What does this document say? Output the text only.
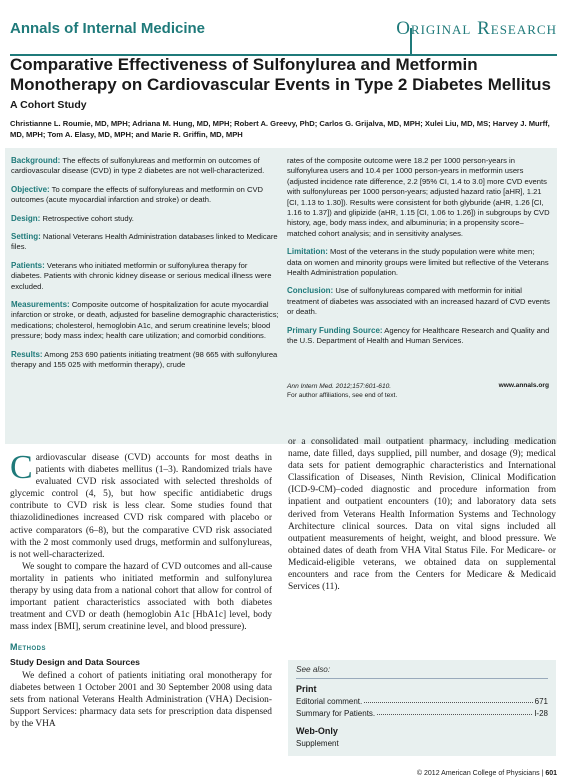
Annals of Internal Medicine	Original Research
Comparative Effectiveness of Sulfonylurea and Metformin Monotherapy on Cardiovascular Events in Type 2 Diabetes Mellitus
A Cohort Study
Christianne L. Roumie, MD, MPH; Adriana M. Hung, MD, MPH; Robert A. Greevy, PhD; Carlos G. Grijalva, MD, MPH; Xulei Liu, MD, MS; Harvey J. Murff, MD, MPH; Tom A. Elasy, MD, MPH; and Marie R. Griffin, MD, MPH

Background: The effects of sulfonylureas and metformin on outcomes of cardiovascular disease (CVD) in type 2 diabetes are not well-characterized.

Objective: To compare the effects of sulfonylureas and metformin on CVD outcomes (acute myocardial infarction and stroke) or death.

Design: Retrospective cohort study.

Setting: National Veterans Health Administration databases linked to Medicare files.

Patients: Veterans who initiated metformin or sulfonylurea therapy for diabetes. Patients with chronic kidney disease or serious medical illness were excluded.

Measurements: Composite outcome of hospitalization for acute myocardial infarction or stroke, or death, adjusted for baseline demographic characteristics; medications; cholesterol, hemoglobin A1c, and serum creatinine levels; blood pressure; body mass index; health care utilization; and comorbid conditions.

Results: Among 253 690 patients initiating treatment (98 665 with sulfonylurea therapy and 155 025 with metformin therapy), crude

rates of the composite outcome were 18.2 per 1000 person-years in sulfonylurea users and 10.4 per 1000 person-years in metformin users (adjusted incidence rate difference, 2.2 [95% CI, 1.4 to 3.0] more CVD events with sulfonylureas per 1000 person-years; adjusted hazard ratio [aHR], 1.21 [CI, 1.13 to 1.30]). Results were consistent for both glyburide (aHR, 1.26 [CI, 1.16 to 1.37]) and glipizide (aHR, 1.15 [CI, 1.06 to 1.26]) in subgroups by CVD history, age, body mass index, and albuminuria; in a propensity score–matched cohort analysis; and in sensitivity analyses.

Limitation: Most of the veterans in the study population were white men; data on women and minority groups were limited but reflective of the Veterans Health Administration population.

Conclusion: Use of sulfonylureas compared with metformin for initial treatment of diabetes was associated with an increased hazard of CVD events or death.

Primary Funding Source: Agency for Healthcare Research and Quality and the U.S. Department of Health and Human Services.

Ann Intern Med. 2012;157:601-610.
For author affiliations, see end of text.
www.annals.org

Cardiovascular disease (CVD) accounts for most deaths in patients with diabetes mellitus (1–3). Randomized trials have evaluated CVD risk associated with selected thresholds of glycemic control (4, 5), but how specific antidiabetic drugs contribute to CVD risk is less clear. Some studies found that thiazolidinediones increased CVD risk compared with placebo or active comparators (6–8), but the comparative CVD risk associated with the 2 most commonly used drugs, metformin and sulfonylureas, is not well-characterized.

We sought to compare the hazard of CVD outcomes and all-cause mortality in patients who initiated metformin and sulfonylurea therapy by using data from a national cohort that allow for control of important patient characteristics associated with both diabetes treatment and CVD or death (hemoglobin A1c [HbA1c] level, body mass index [BMI], serum creatinine level, and blood pressure).

Methods
Study Design and Data Sources

We defined a cohort of patients initiating oral monotherapy for diabetes between 1 October 2001 and 30 September 2008 using data sets from national Veterans Health Administration (VHA) Decision-Support Services: pharmacy data sets for prescription data dispensed by the VHA

or a consolidated mail outpatient pharmacy, including medication name, date filled, days supplied, pill number, and dosage (9); medical data sets for patient demographic characteristics and International Classification of Diseases, Ninth Revision, Clinical Modification (ICD-9-CM)–coded diagnostic and procedure information from inpatient and outpatient encounters (10); and laboratory data sets derived from Veterans Health Information Systems and Technology Architecture clinical sources. Data on vital signs included all outpatient measurements of height, weight, and blood pressure. We obtained dates of death from VHA Vital Status File. For Medicare- or Medicaid-eligible veterans, we obtained data on supplemental encounters and race from the Centers for Medicare & Medicaid Services (11).

See also:
Print
Editorial comment.	671
Summary for Patients.	I-28
Web-Only
Supplement
© 2012 American College of Physicians | 601
